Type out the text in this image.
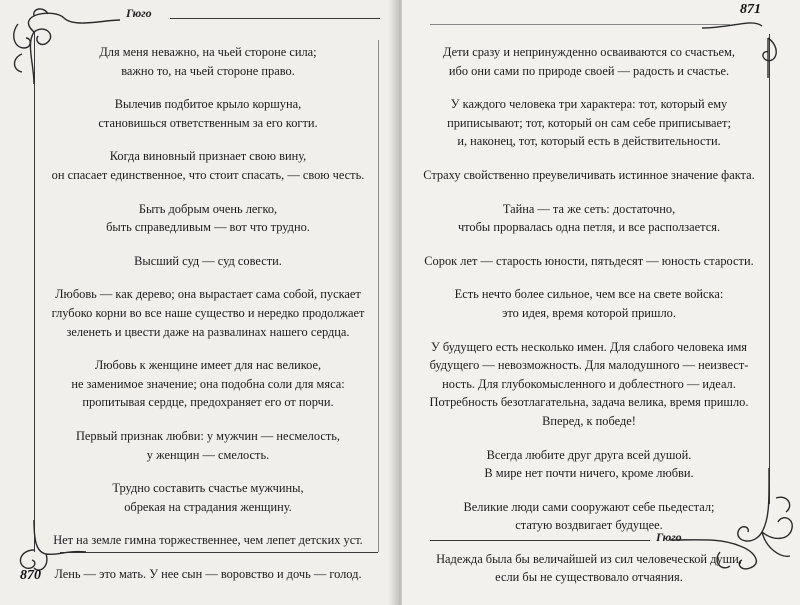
Гюго
870

Для меня неважно, на чьей стороне сила;
важно то, на чьей стороне право.

Вылечив подбитое крыло коршуна,
становишься ответственным за его когти.

Когда виновный признает свою вину,
он спасает единственное, что стоит спасать, — свою честь.

Быть добрым очень легко,
быть справедливым — вот что трудно.

Высший суд — суд совести.

Любовь — как дерево; она вырастает сама собой, пускает
глубоко корни во все наше существо и нередко продолжает
зеленеть и цвести даже на развалинах нашего сердца.

Любовь к женщине имеет для нас великое,
не заменимое значение; она подобна соли для мяса:
пропитывая сердце, предохраняет его от порчи.

Первый признак любви: у мужчин — несмелость,
у женщин — смелость.

Трудно составить счастье мужчины,
обрекая на страдания женщину.

Нет на земле гимна торжественнее, чем лепет детских уст.

Лень — это мать. У нее сын — воровство и дочь — голод.

871
Гюго

Дети сразу и непринужденно осваиваются со счастьем,
ибо они сами по природе своей — радость и счастье.

У каждого человека три характера: тот, который ему
приписывают; тот, который он сам себе приписывает;
и, наконец, тот, который есть в действительности.

Страху свойственно преувеличивать истинное значение факта.

Тайна — та же сеть: достаточно,
чтобы прорвалась одна петля, и все расползается.

Сорок лет — старость юности, пятьдесят — юность старости.

Есть нечто более сильное, чем все на свете войска:
это идея, время которой пришло.

У будущего есть несколько имен. Для слабого человека имя
будущего — невозможность. Для малодушного — неизвест-
ность. Для глубокомысленного и доблестного — идеал.
Потребность безотлагательна, задача велика, время пришло.
Вперед, к победе!

Всегда любите друг друга всей душой.
В мире нет почти ничего, кроме любви.

Великие люди сами сооружают себе пьедестал;
статую воздвигает будущее.

Надежда была бы величайшей из сил человеческой души,
если бы не существовало отчаяния.
